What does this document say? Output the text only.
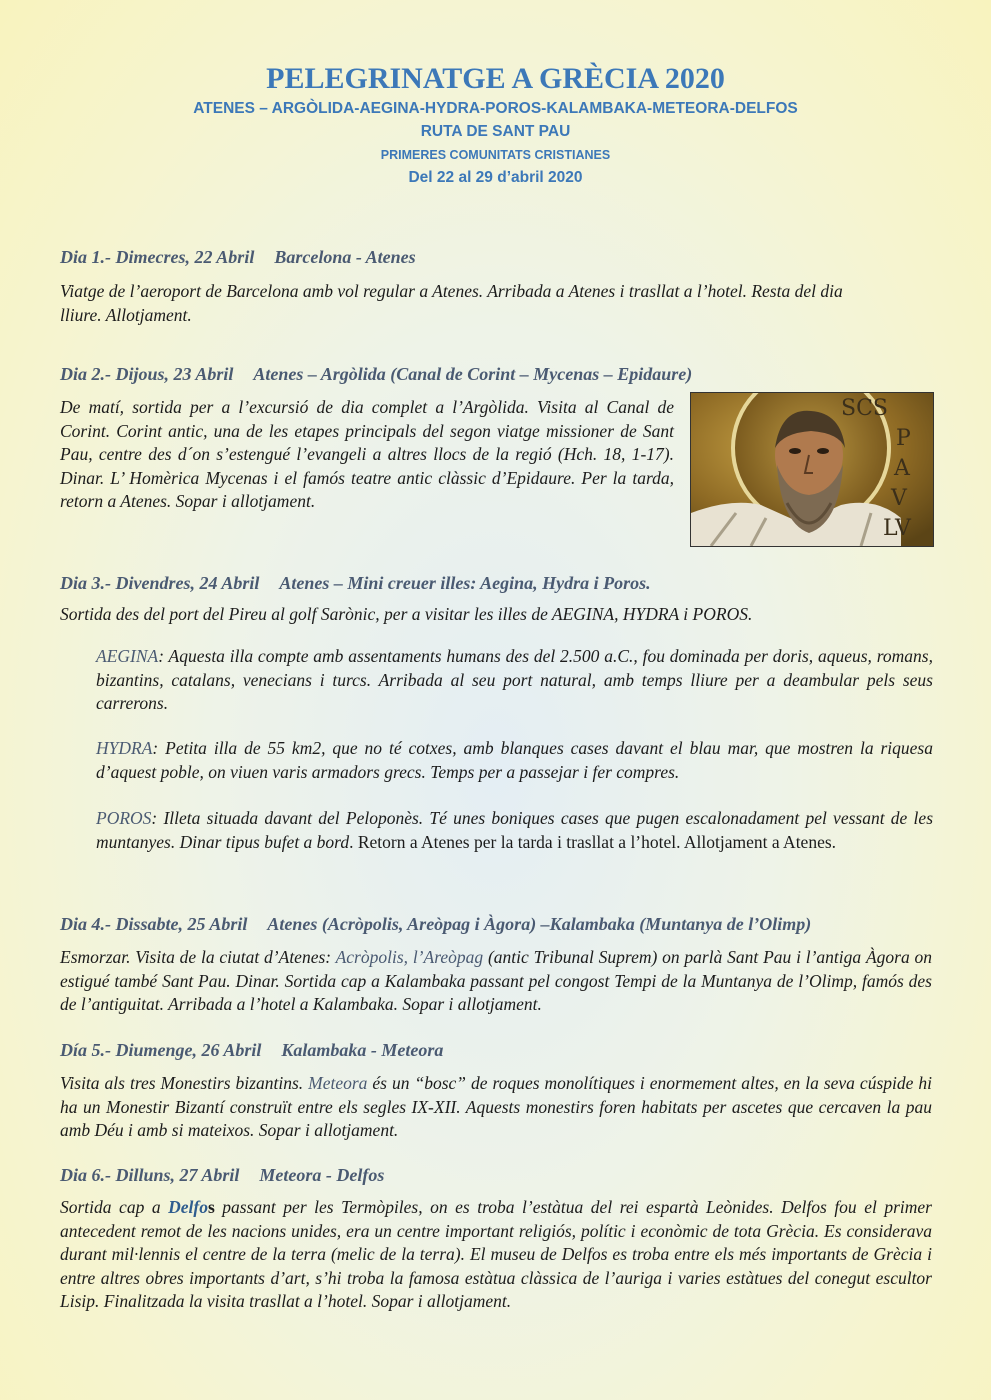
PELEGRINATGE A GRÈCIA 2020

ATENES – ARGÒLIDA-AEGINA-HYDRA-POROS-KALAMBAKA-METEORA-DELFOS

RUTA DE SANT PAU

PRIMERES COMUNITATS CRISTIANES

Del 22 al 29 d’abril 2020

Dia 1.- Dimecres, 22 Abril Barcelona - Atenes

Viatge de l’aeroport de Barcelona amb vol regular a Atenes. Arribada a Atenes i trasllat a l’hotel. Resta del dia lliure. Allotjament.

Dia 2.- Dijous, 23 Abril Atenes – Argòlida (Canal de Corint – Mycenas – Epidaure)

De matí, sortida per a l’excursió de dia complet a l’Argòlida. Visita al Canal de Corint. Corint antic, una de les etapes principals del segon viatge missioner de Sant Pau, centre des d´on s’estengué l’evangeli a altres llocs de la regió (Hch. 18, 1-17). Dinar. L’ Homèrica Mycenas i el famós teatre antic clàssic d’Epidaure. Per la tarda, retorn a Atenes. Sopar i allotjament.

SCS
P
A
V
LV
Dia 3.- Divendres, 24 Abril Atenes – Mini creuer illes: Aegina, Hydra i Poros.

Sortida des del port del Pireu al golf Sarònic, per a visitar les illes de AEGINA, HYDRA i POROS.

AEGINA: Aquesta illa compte amb assentaments humans des del 2.500 a.C., fou dominada per doris, aqueus, romans, bizantins, catalans, venecians i turcs. Arribada al seu port natural, amb temps lliure per a deambular pels seus carrerons.

HYDRA: Petita illa de 55 km2, que no té cotxes, amb blanques cases davant el blau mar, que mostren la riquesa d’aquest poble, on viuen varis armadors grecs. Temps per a passejar i fer compres.

POROS: Illeta situada davant del Peloponès. Té unes boniques cases que pugen escalonadament pel vessant de les muntanyes. Dinar tipus bufet a bord. Retorn a Atenes per la tarda i trasllat a l’hotel. Allotjament a Atenes.

Dia 4.- Dissabte, 25 Abril Atenes (Acròpolis, Areòpag i Àgora) –Kalambaka (Muntanya de l’Olimp)

Esmorzar. Visita de la ciutat d’Atenes: Acròpolis, l’Areòpag (antic Tribunal Suprem) on parlà Sant Pau i l’antiga Àgora on estigué també Sant Pau. Dinar. Sortida cap a Kalambaka passant pel congost Tempi de la Muntanya de l’Olimp, famós des de l’antiguitat. Arribada a l’hotel a Kalambaka. Sopar i allotjament.

Día 5.- Diumenge, 26 Abril Kalambaka - Meteora

Visita als tres Monestirs bizantins. Meteora és un “bosc” de roques monolítiques i enormement altes, en la seva cúspide hi ha un Monestir Bizantí construït entre els segles IX-XII. Aquests monestirs foren habitats per ascetes que cercaven la pau amb Déu i amb si mateixos. Sopar i allotjament.

Dia 6.- Dilluns, 27 Abril Meteora - Delfos

Sortida cap a Delfos passant per les Termòpiles, on es troba l’estàtua del rei espartà Leònides. Delfos fou el primer antecedent remot de les nacions unides, era un centre important religiós, polític i econòmic de tota Grècia. Es considerava durant mil·lennis el centre de la terra (melic de la terra). El museu de Delfos es troba entre els més importants de Grècia i entre altres obres importants d’art, s’hi troba la famosa estàtua clàssica de l’auriga i varies estàtues del conegut escultor Lisip. Finalitzada la visita trasllat a l’hotel. Sopar i allotjament.
